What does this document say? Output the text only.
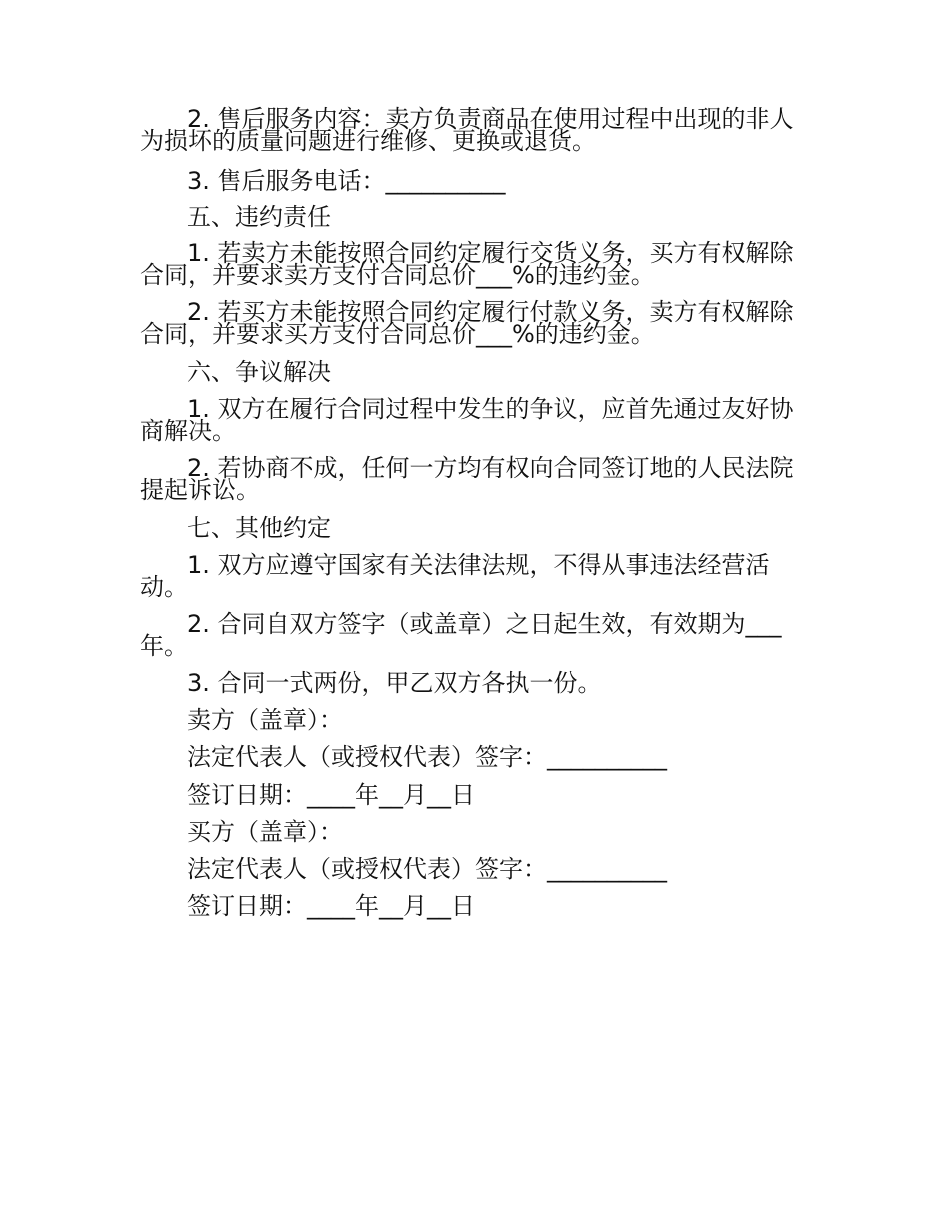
2. 售后服务内容：卖方负责商品在使用过程中出现的非人为损坏的质量问题进行维修、更换或退货。

3. 售后服务电话：__________

五、违约责任

1. 若卖方未能按照合同约定履行交货义务，买方有权解除合同，并要求卖方支付合同总价___%的违约金。

2. 若买方未能按照合同约定履行付款义务，卖方有权解除合同，并要求买方支付合同总价___%的违约金。

六、争议解决

1. 双方在履行合同过程中发生的争议，应首先通过友好协商解决。

2. 若协商不成，任何一方均有权向合同签订地的人民法院提起诉讼。

七、其他约定

1. 双方应遵守国家有关法律法规，不得从事违法经营活动。

2. 合同自双方签字（或盖章）之日起生效，有效期为___年。

3. 合同一式两份，甲乙双方各执一份。

卖方（盖章）：

法定代表人（或授权代表）签字：__________

签订日期：____年__月__日

买方（盖章）：

法定代表人（或授权代表）签字：__________

签订日期：____年__月__日
